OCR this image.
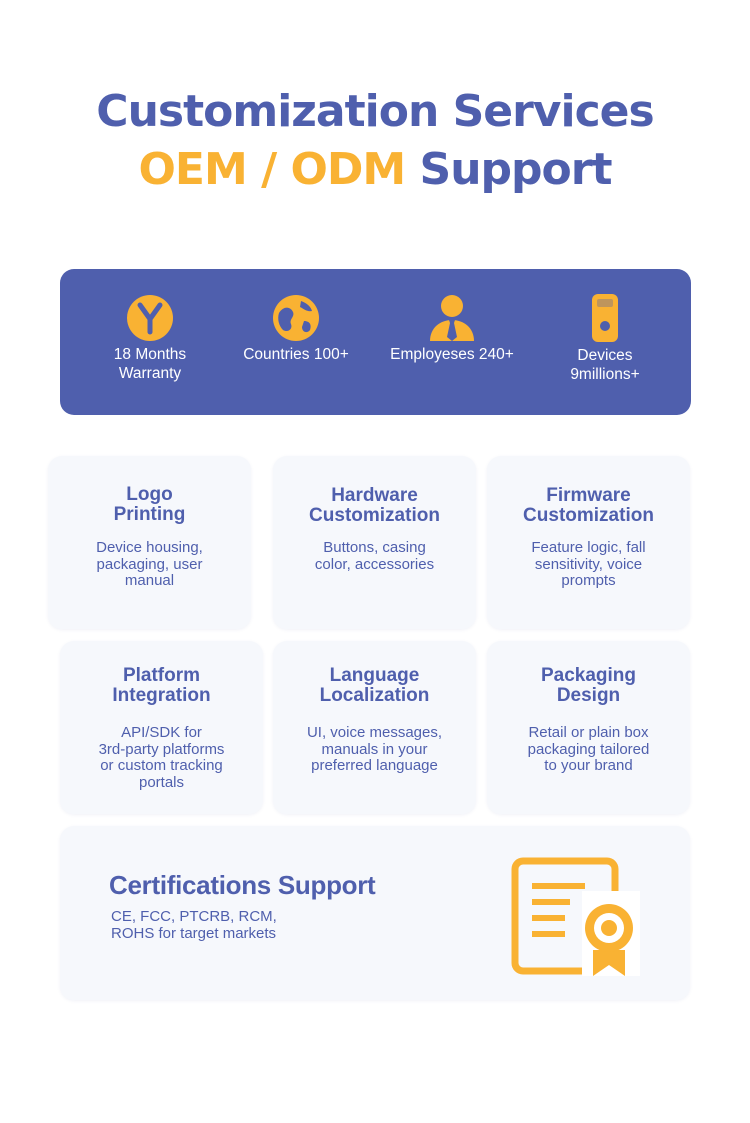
Customization Services
OEM / ODM Support
18 Months
Warranty
Countries 100+	Employeses 240+	Devices
9millions+
Logo
Printing
Device housing,
packaging, user
manual
Hardware
Customization
Buttons, casing
color, accessories
Firmware
Customization
Feature logic, fall
sensitivity, voice
prompts
Platform
Integration
API/SDK for
3rd-party platforms
or custom tracking
portals
Language
Localization
UI, voice messages,
manuals in your
preferred language
Packaging
Design
Retail or plain box
packaging tailored
to your brand
Certifications Support
CE, FCC, PTCRB, RCM,
ROHS for target markets
